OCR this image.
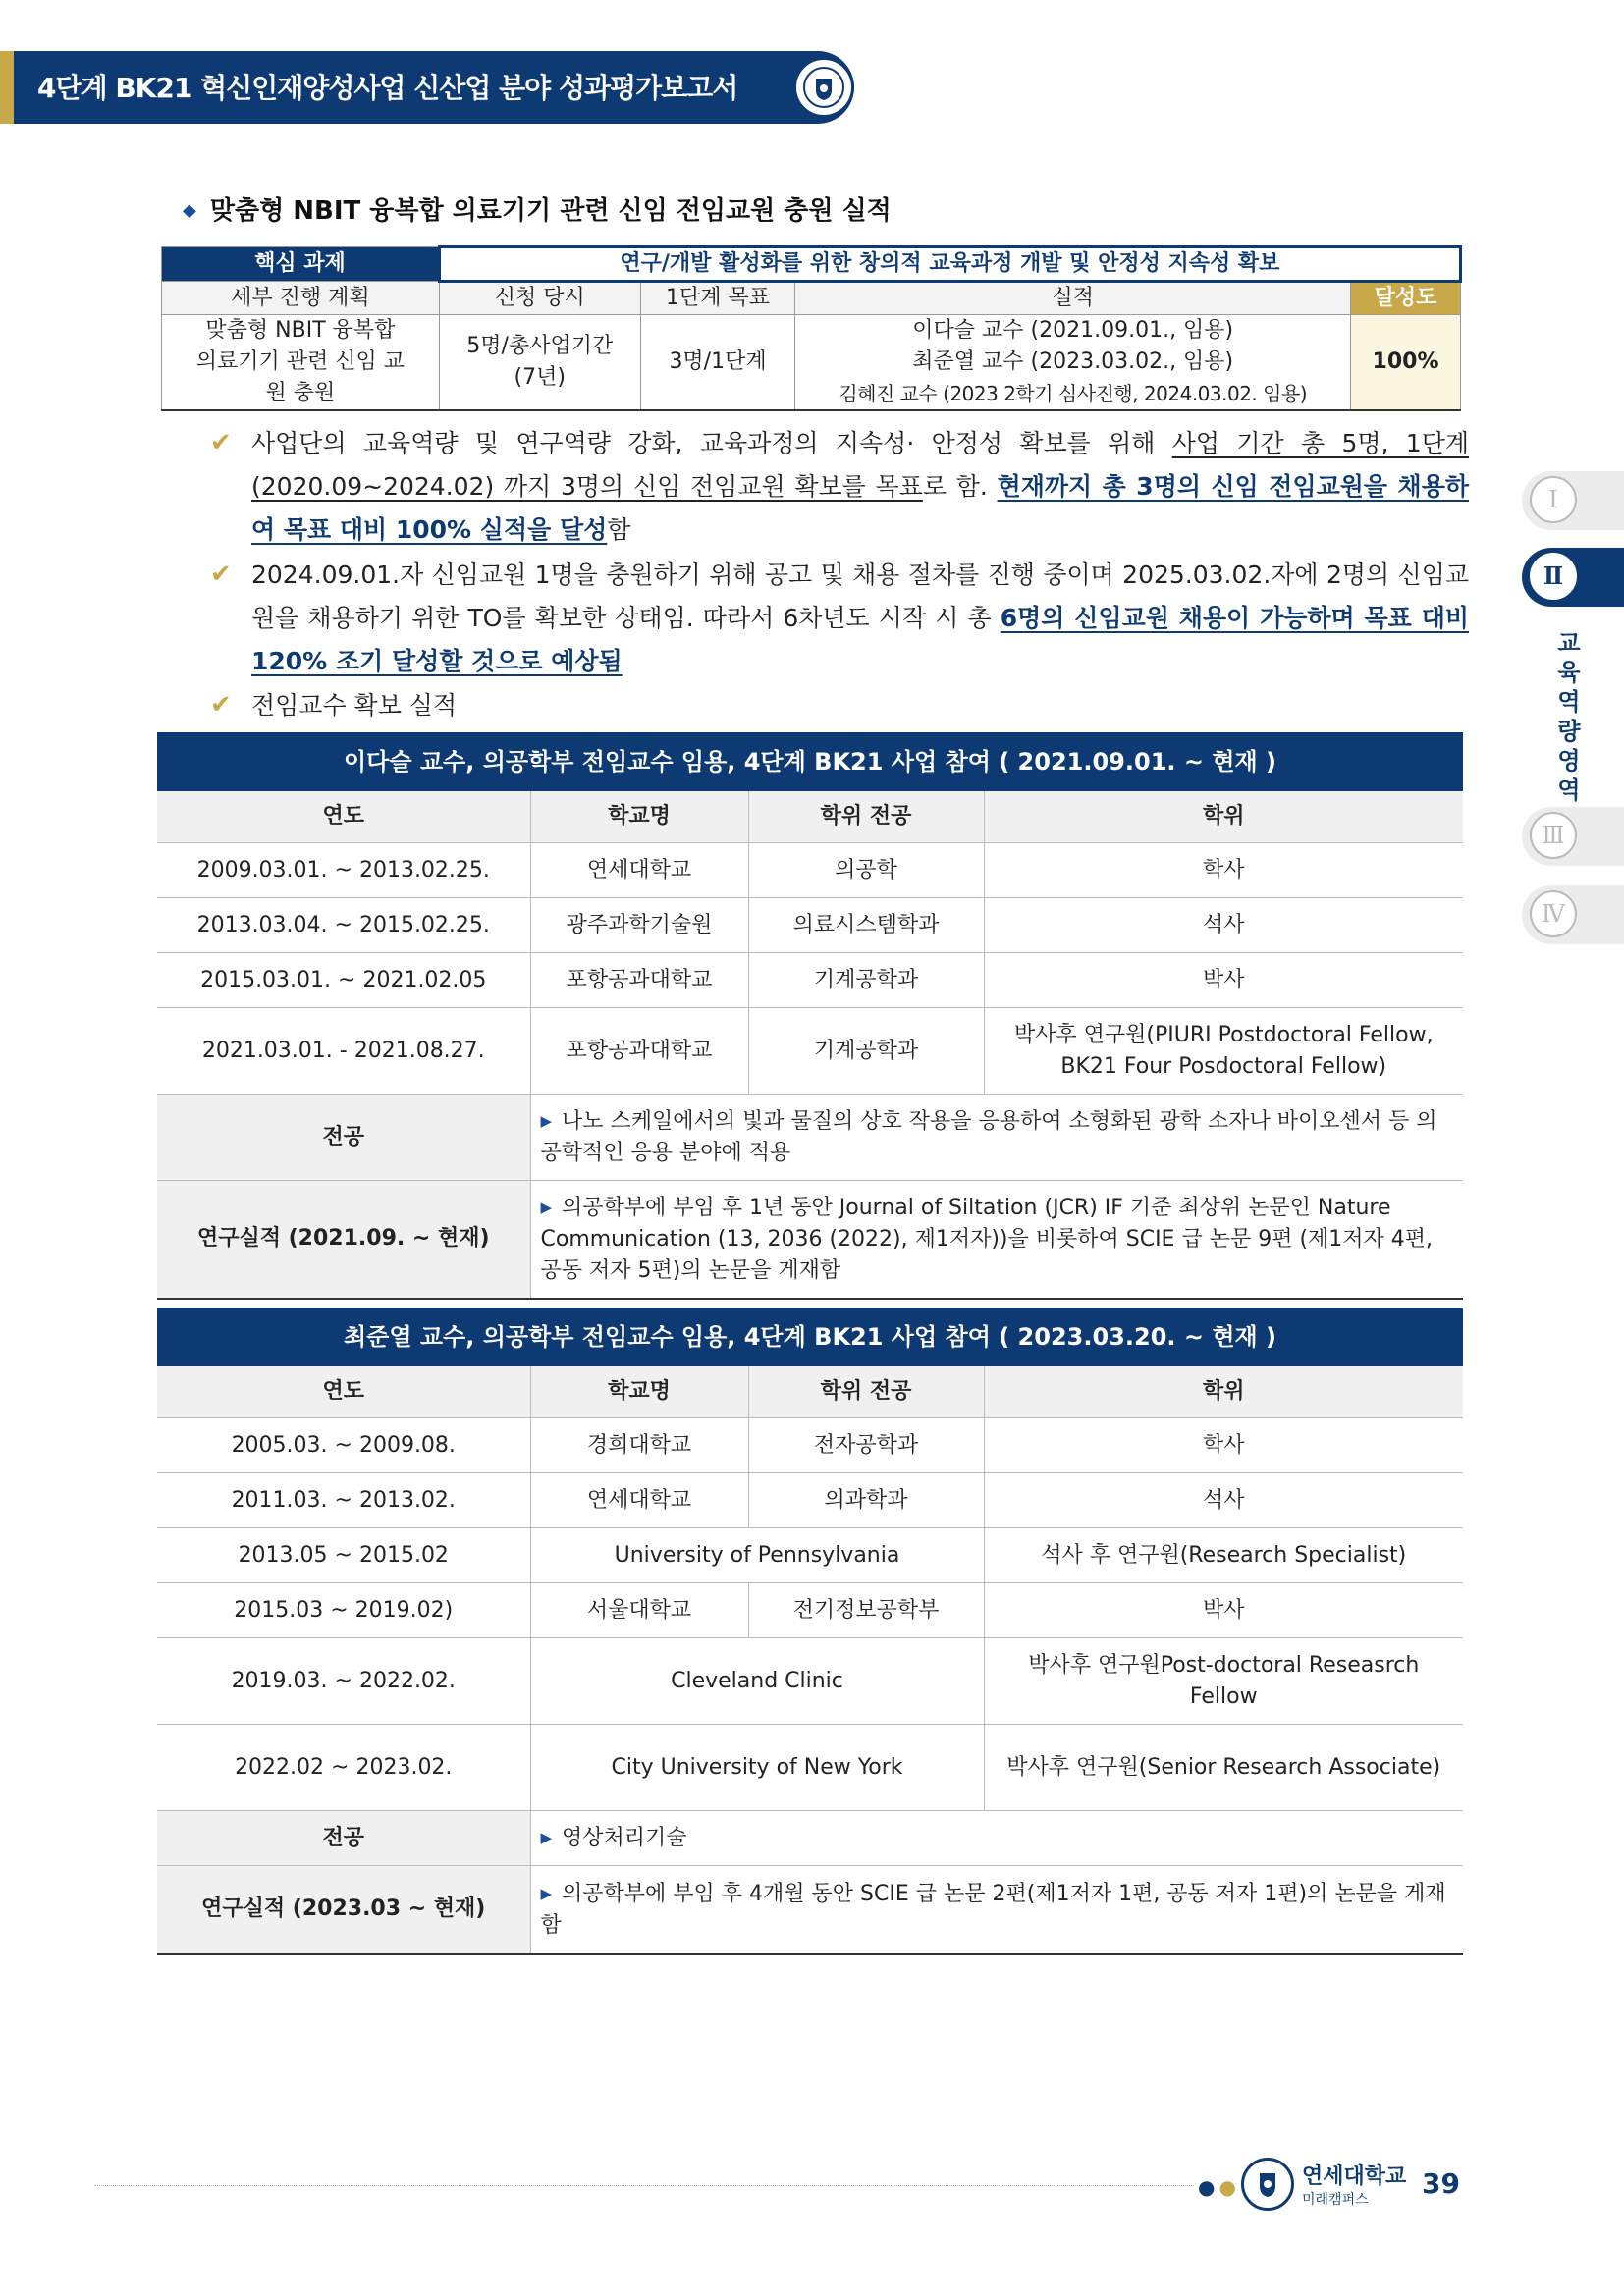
4단계 BK21 혁신인재양성사업 신산업 분야 성과평가보고서
◆ 맞춤형 NBIT 융복합 의료기기 관련 신임 전임교원 충원 실적
핵심 과제	연구/개발 활성화를 위한 창의적 교육과정 개발 및 안정성 지속성 확보			
세부 진행 계획	신청 당시	1단계 목표	실적	달성도

맞춤형 NBIT 융복합 의료기기 관련 신임 교원 충원	5명/총사업기간 (7년)	3명/1단계	이다슬 교수 (2021.09.01., 임용)
최준열 교수 (2023.03.02., 임용)
김혜진 교수 (2023 2학기 심사진행, 2024.03.02. 임용)	100%
✔ 사업단의 교육역량 및 연구역량 강화, 교육과정의 지속성· 안정성 확보를 위해 사업 기간 총 5명, 1단계(2020.09~2024.02) 까지 3명의 신임 전임교원 확보를 목표로 함. 현재까지 총 3명의 신임 전임교원을 채용하여 목표 대비 100% 실적을 달성함
✔ 2024.09.01.자 신임교원 1명을 충원하기 위해 공고 및 채용 절차를 진행 중이며 2025.03.02.자에 2명의 신임교원을 채용하기 위한 TO를 확보한 상태임. 따라서 6차년도 시작 시 총 6명의 신임교원 채용이 가능하며 목표 대비 120% 조기 달성할 것으로 예상됨
✔ 전임교수 확보 실적
이다슬 교수, 의공학부 전임교수 임용, 4단계 BK21 사업 참여 ( 2021.09.01. ~ 현재 )			
연도	학교명	학위 전공	학위
2009.03.01. ~ 2013.02.25.	연세대학교	의공학	학사
2013.03.04. ~ 2015.02.25.	광주과학기술원	의료시스템학과	석사
2015.03.01. ~ 2021.02.05	포항공과대학교	기계공학과	박사
2021.03.01. - 2021.08.27.	포항공과대학교	기계공학과	박사후 연구원(PIURI Postdoctoral Fellow, BK21 Four Posdoctoral Fellow)
전공	▶ 나노 스케일에서의 빛과 물질의 상호 작용을 응용하여 소형화된 광학 소자나 바이오센서 등 의공학적인 응용 분야에 적용		
연구실적 (2021.09. ~ 현재)	▶ 의공학부에 부임 후 1년 동안 Journal of Siltation (JCR) IF 기준 최상위 논문인 Nature Communication (13, 2036 (2022), 제1저자))을 비롯하여 SCIE 급 논문 9편 (제1저자 4편, 공동 저자 5편)의 논문을 게재함		
최준열 교수, 의공학부 전임교수 임용, 4단계 BK21 사업 참여 ( 2023.03.20. ~ 현재 )			
연도	학교명	학위 전공	학위
2005.03. ~ 2009.08.	경희대학교	전자공학과	학사
2011.03. ~ 2013.02.	연세대학교	의과학과	석사
2013.05 ~ 2015.02	University of Pennsylvania		석사 후 연구원(Research Specialist)
2015.03 ~ 2019.02)	서울대학교	전기정보공학부	박사
2019.03. ~ 2022.02.	Cleveland Clinic		박사후 연구원Post-doctoral Reseasrch Fellow
2022.02 ~ 2023.02.	City University of New York		박사후 연구원(Senior Research Associate)
전공	▶ 영상처리기술		
연구실적 (2023.03 ~ 현재)	▶ 의공학부에 부임 후 4개월 동안 SCIE 급 논문 2편(제1저자 1편, 공동 저자 1편)의 논문을 게재함		
Ⅰ
Ⅱ
교육역량 영역
Ⅲ
Ⅳ
●●	연세대학교
미래캠퍼스 39
